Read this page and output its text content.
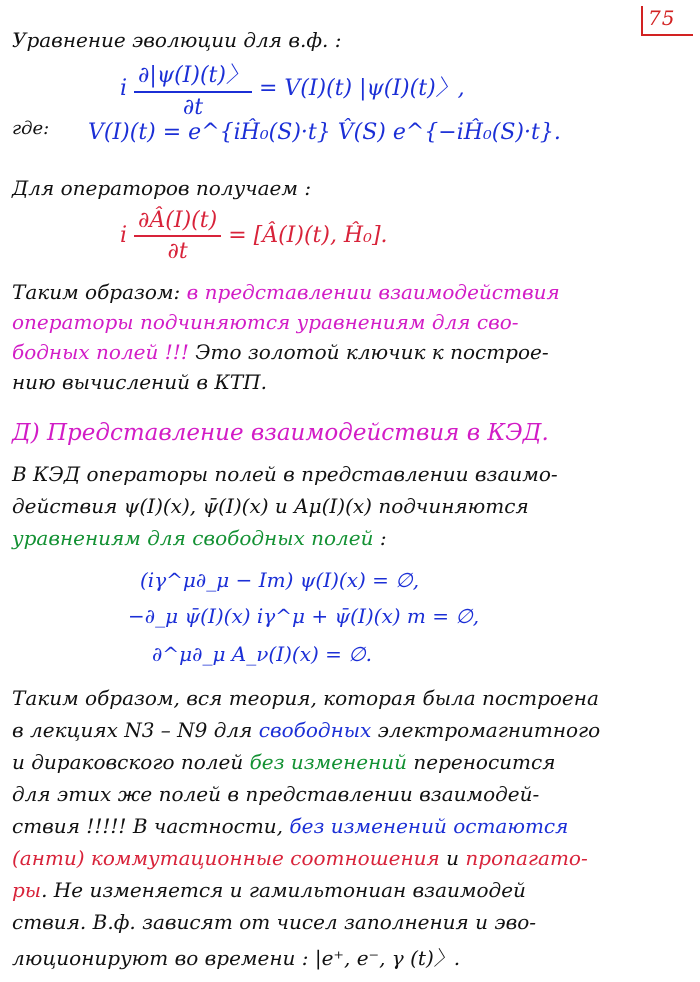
75
Уравнение эволюции для в.ф. :
i $\frac{\partial|\psi(I)(t)〉}{\partial t} = V(I)(t)$ |ψ(I)(t)〉,
где: V(I)(t) = e^{iĤ₀(S)·t} V̂(S) e^{−iĤ₀(S)·t}.
Для операторов получаем :
i $\frac{\partial Â(I)(t)}{\partial t}$ = [Â(I)(t), Ĥ₀].
Таким образом: в представлении взаимодействия
операторы подчиняются уравнениям для сво-
бодных полей !!! Это золотой ключик к построе-
нию вычислений в КТП.
Д) Представление взаимодействия в КЭД.
В КЭД операторы полей в представлении взаимо-
действия ψ(I)(x), ψ̄(I)(x) и Aμ(I)(x) подчиняются
уравнениям для свободных полей :
(iγ^μ∂_μ − Im) ψ(I)(x) = ∅,
−∂_μ ψ̄(I)(x) iγ^μ + ψ̄(I)(x) m = ∅,
∂^μ∂_μ A_ν(I)(x) = ∅.
Таким образом, вся теория, которая была построена
в лекциях N3 – N9 для свободных электромагнитного
и дираковского полей без изменений переносится
для этих же полей в представлении взаимодей-
ствия !!!!! В частности, без изменений остаются
(анти) коммутационные соотношения и пропагато-
ры. Не изменяется и гамильтониан взаимодей
ствия. В.ф. зависят от чисел заполнения и эво-
люционируют во времени : |e⁺, e⁻, γ (t)〉.
